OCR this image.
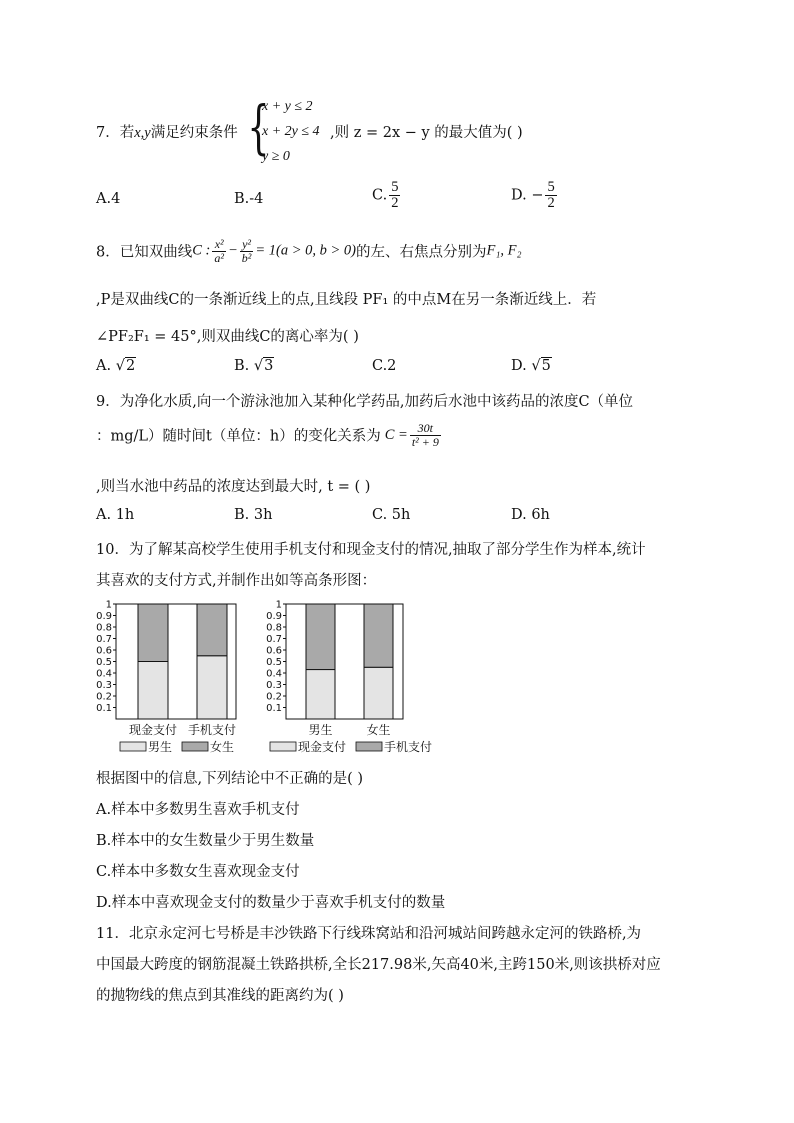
7．若x,y满足约束条件 {
x + y ≤ 2
x + 2y ≤ 4
y ≥ 0
,则 z = 2x − y 的最大值为( )
A.4	B.-4	C. $\frac{5}{2}$	D. − $\frac{5}{2}$
8．已知双曲线C : $\frac{\text{x²}}{\text{a²}} - \frac{\text{y²}}{\text{b²}} = 1(a > 0$, b > 0)的左、右焦点分别为F₁, F₂
,P是双曲线C的一条渐近线上的点,且线段 PF₁ 的中点M在另一条渐近线上．若
∠PF₂F₁ = 45°,则双曲线C的离心率为( )
A. √2	B. √3	C.2	D. √5
9．为净化水质,向一个游泳池加入某种化学药品,加药后水池中该药品的浓度C（单位
：mg/L）随时间t（单位：h）的变化关系为 $C = \frac{30t}{\text{t² + 9}}$
,则当水池中药品的浓度达到最大时, t = ( )
A. 1h	B. 3h	C. 5h	D. 6h
10．为了解某高校学生使用手机支付和现金支付的情况,抽取了部分学生作为样本,统计
其喜欢的支付方式,并制作出如等高条形图：
0.1
0.2
0.3
0.4
0.5
0.6
0.7
0.8
0.9
1
现金支付 手机支付
男生	女生
0.1
0.2
0.3
0.4
0.5
0.6
0.7
0.8
0.9
1
男生	女生
现金支付	手机支付
根据图中的信息,下列结论中不正确的是( )
A.样本中多数男生喜欢手机支付
B.样本中的女生数量少于男生数量
C.样本中多数女生喜欢现金支付
D.样本中喜欢现金支付的数量少于喜欢手机支付的数量
11．北京永定河七号桥是丰沙铁路下行线珠窝站和沿河城站间跨越永定河的铁路桥,为
中国最大跨度的钢筋混凝土铁路拱桥,全长217.98米,矢高40米,主跨150米,则该拱桥对应
的抛物线的焦点到其准线的距离约为( )
